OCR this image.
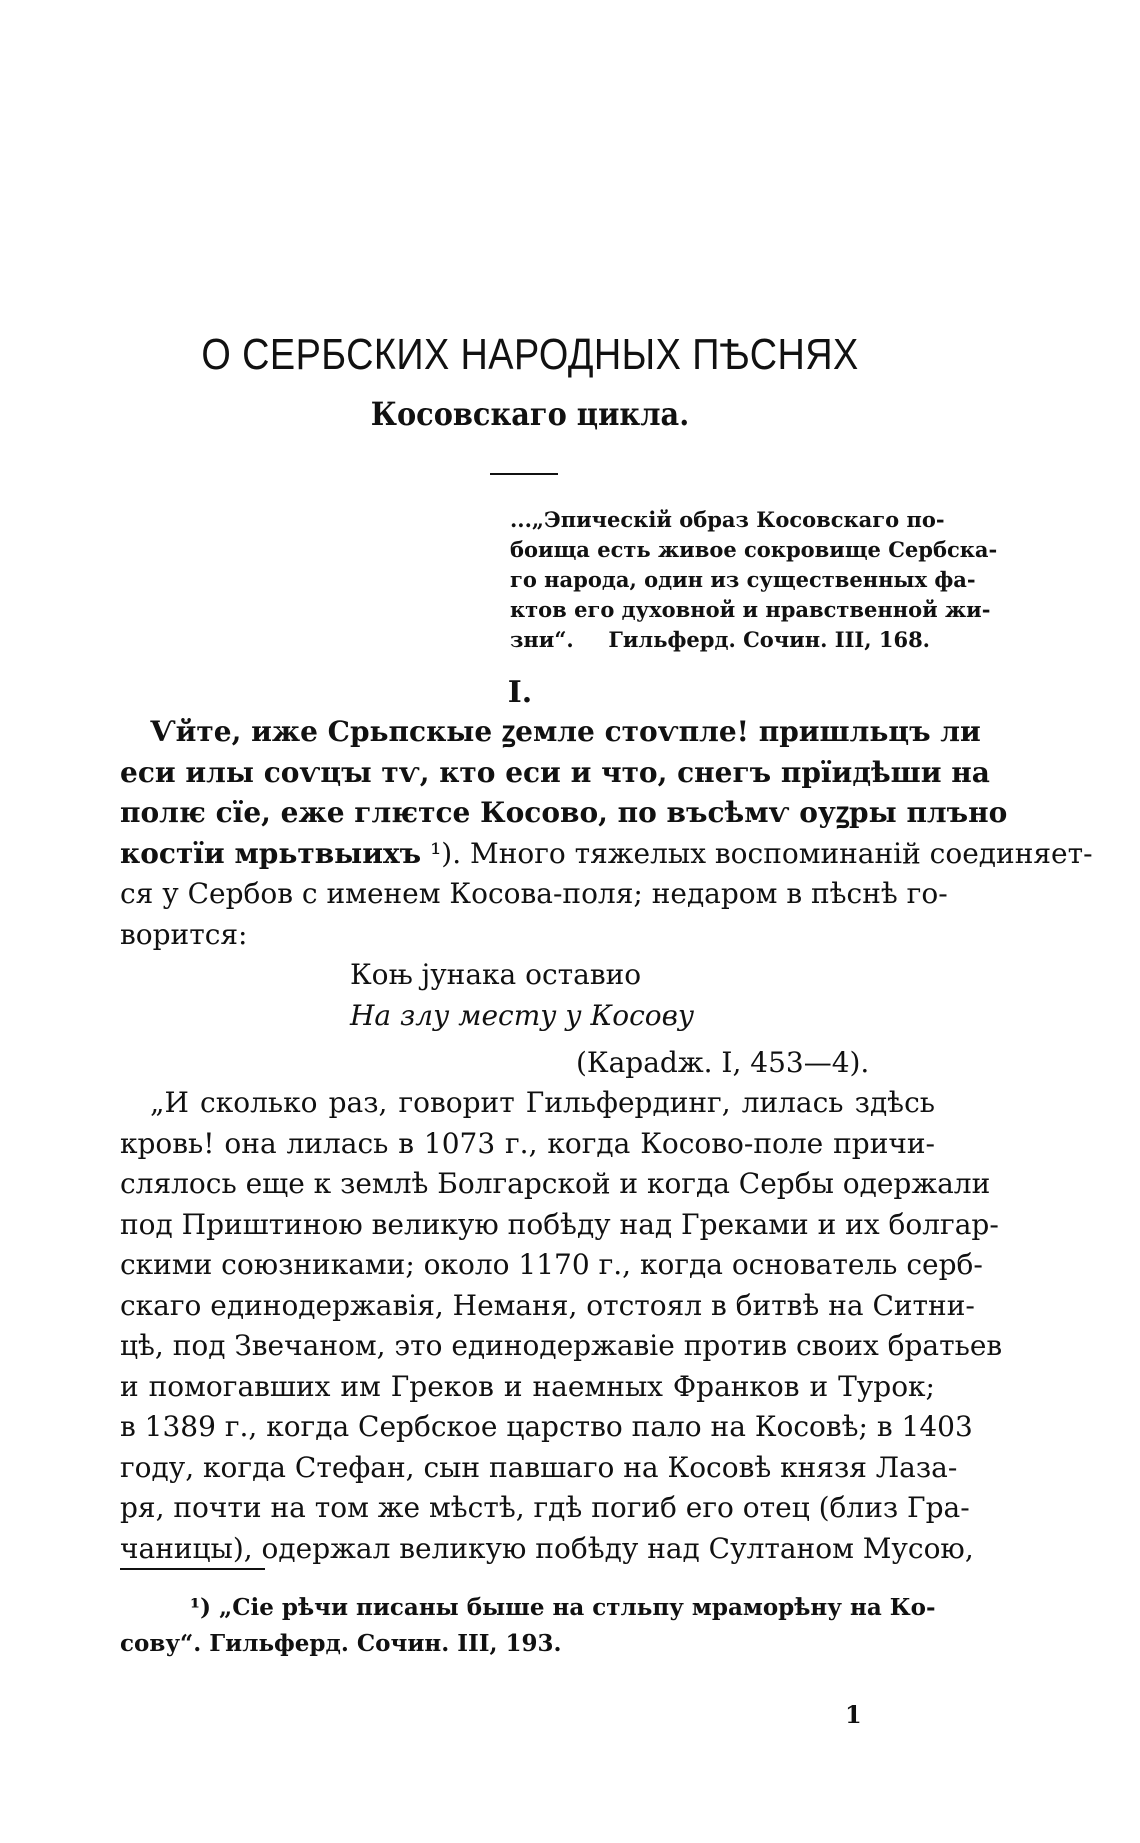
О СЕРБСКИХ НАРОДНЫХ ПѢСНЯХ
Косовскаго цикла.
...„Эпическій образ Косовскаго по-
боища есть живое сокровище Сербска-
го народа, один из существенных фа-
ктов его духовной и нравственной жи-
зни“. Гильферд. Сочин. III, 168.
I.
Ѵйте, иже Срьпскые ꙁемле стоѵпле! пришльцъ ли
еси илы соѵцꙑ тѵ, кто еси и что, снегъ прїидѣши на
полѥ сїе, еже глѥтсе Косово, по въсѣмѵ оуꙁры плъно
костїи мрьтвыихъ ¹). Много тяжелых воспоминаній соединяет-
ся у Сербов с именем Косова-поля; недаром в пѣснѣ го-
ворится:
Коњ јунака оставио
На злу месту у Косову
(Караdж. I, 453—4).
„И сколько раз, говорит Гильфердинг, лилась здѣсь
кровь! она лилась в 1073 г., когда Косово-поле причи-
слялось еще к землѣ Болгарской и когда Сербы одержали
под Приштиною великую побѣду над Греками и их болгар-
скими союзниками; около 1170 г., когда основатель серб-
скаго единодержавія, Неманя, отстоял в битвѣ на Ситни-
цѣ, под Звечаном, это единодержавіе против своих братьев
и помогавших им Греков и наемных Франков и Турок;
в 1389 г., когда Сербское царство пало на Косовѣ; в 1403
году, когда Стефан, сын павшаго на Косовѣ князя Лаза-
ря, почти на том же мѣстѣ, гдѣ погиб его отец (близ Гра-
чаницы), одержал великую побѣду над Султаном Мусою,
¹) „Сіе рѣчи писаны быше на стльпу мраморѣну на Ко-
сову“. Гильферд. Сочин. III, 193.
1
